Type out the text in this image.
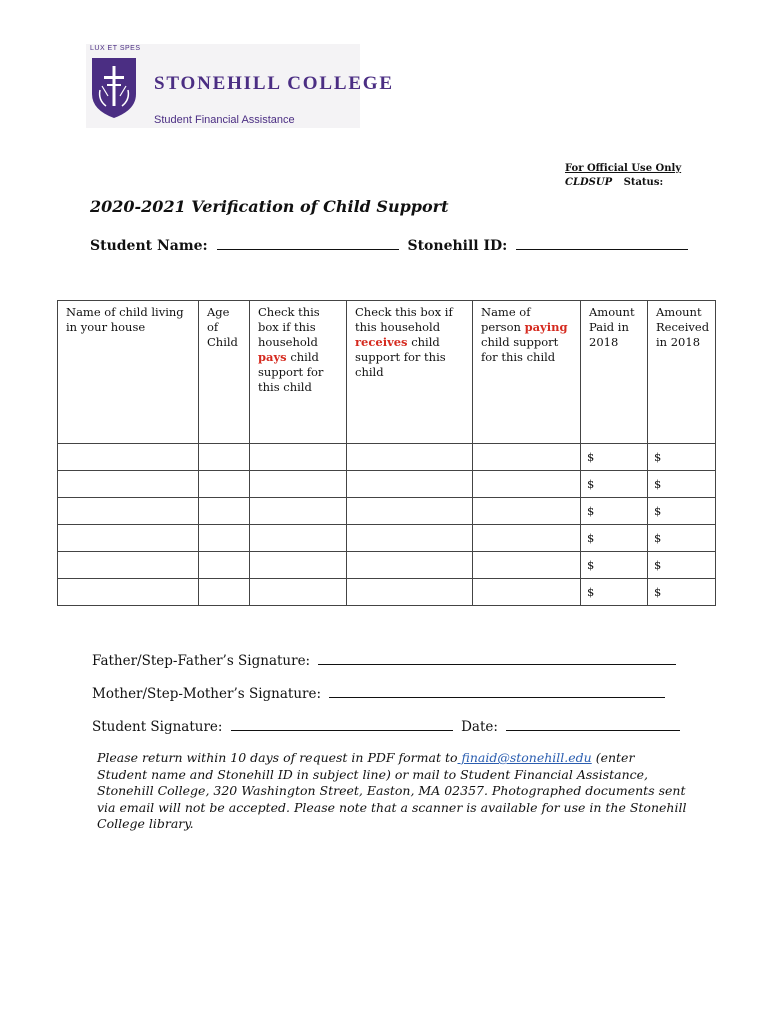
LUX ET SPES
STONEHILL COLLEGE
Student Financial Assistance
For Official Use Only
CLDSUP Status:
2020-2021 Verification of Child Support
Student Name:	Stonehill ID:
Name of child living in your house	Age of Child	Check this box if this household pays child support for this child	Check this box if this household receives child support for this child	Name of person paying child support for this child	Amount Paid in 2018	Amount Received in 2018
					$	$
					$	$
					$	$
					$	$
					$	$
					$	$
Father/Step-Father’s Signature:
Mother/Step-Mother’s Signature:
Student Signature:	Date:
Please return within 10 days of request in PDF format to finaid@stonehill.edu (enter Student name and Stonehill ID in subject line) or mail to Student Financial Assistance, Stonehill College, 320 Washington Street, Easton, MA 02357. Photographed documents sent via email will not be accepted. Please note that a scanner is available for use in the Stonehill College library.
